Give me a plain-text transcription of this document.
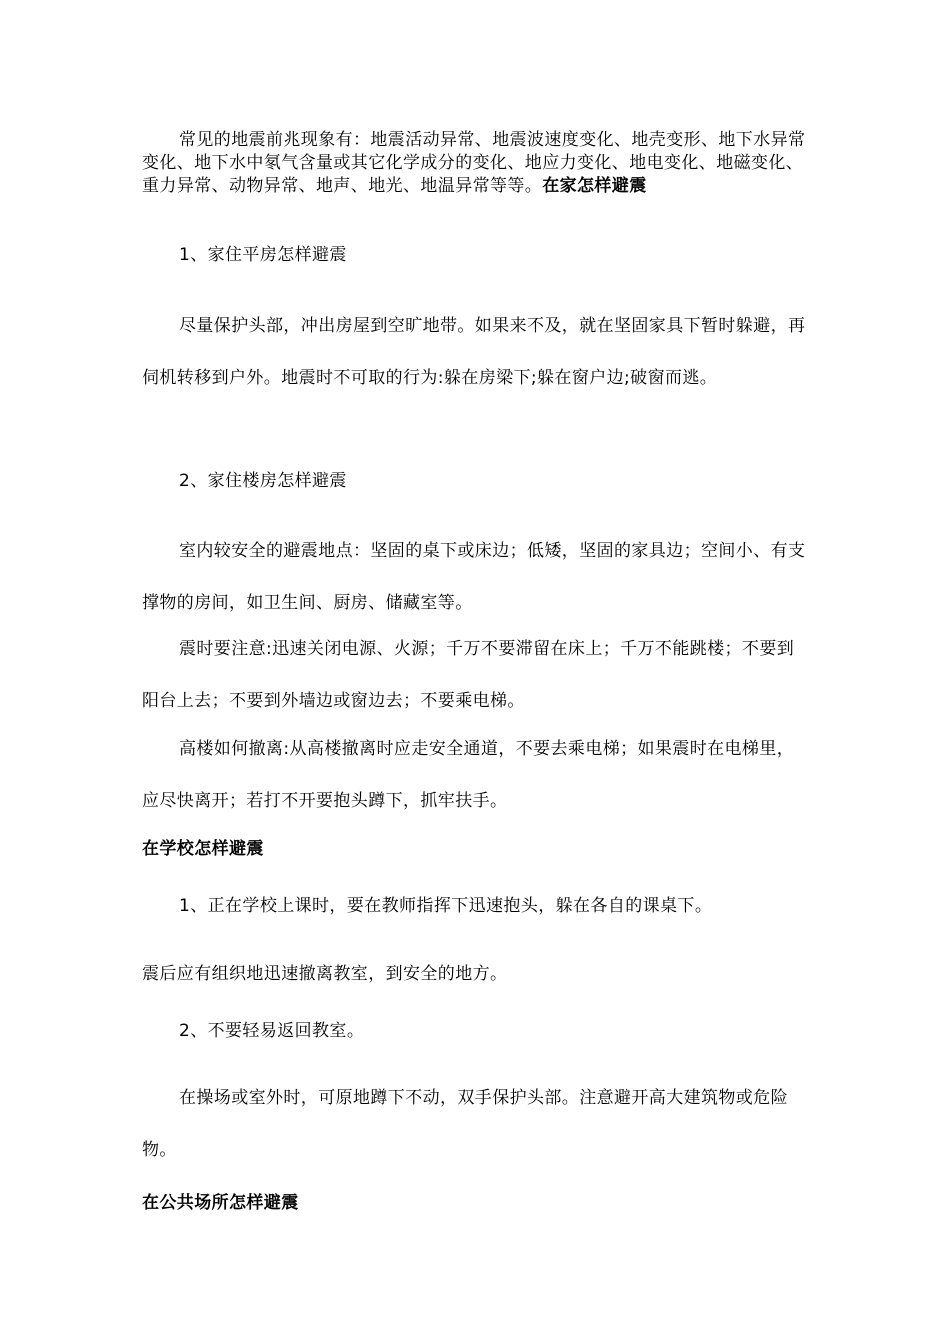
常见的地震前兆现象有：地震活动异常、地震波速度变化、地壳变形、地下水异常变化、地下水中氡气含量或其它化学成分的变化、地应力变化、地电变化、地磁变化、重力异常、动物异常、地声、地光、地温异常等等。在家怎样避震

1、家住平房怎样避震

尽量保护头部，冲出房屋到空旷地带。如果来不及，就在坚固家具下暂时躲避，再伺机转移到户外。地震时不可取的行为:躲在房梁下;躲在窗户边;破窗而逃。

2、家住楼房怎样避震

室内较安全的避震地点：坚固的桌下或床边；低矮，坚固的家具边；空间小、有支撑物的房间，如卫生间、厨房、储藏室等。

震时要注意:迅速关闭电源、火源；千万不要滞留在床上；千万不能跳楼；不要到阳台上去；不要到外墙边或窗边去；不要乘电梯。

高楼如何撤离:从高楼撤离时应走安全通道，不要去乘电梯；如果震时在电梯里，应尽快离开；若打不开要抱头蹲下，抓牢扶手。

在学校怎样避震

1、正在学校上课时，要在教师指挥下迅速抱头，躲在各自的课桌下。

震后应有组织地迅速撤离教室，到安全的地方。

2、不要轻易返回教室。

在操场或室外时，可原地蹲下不动，双手保护头部。注意避开高大建筑物或危险物。

在公共场所怎样避震
